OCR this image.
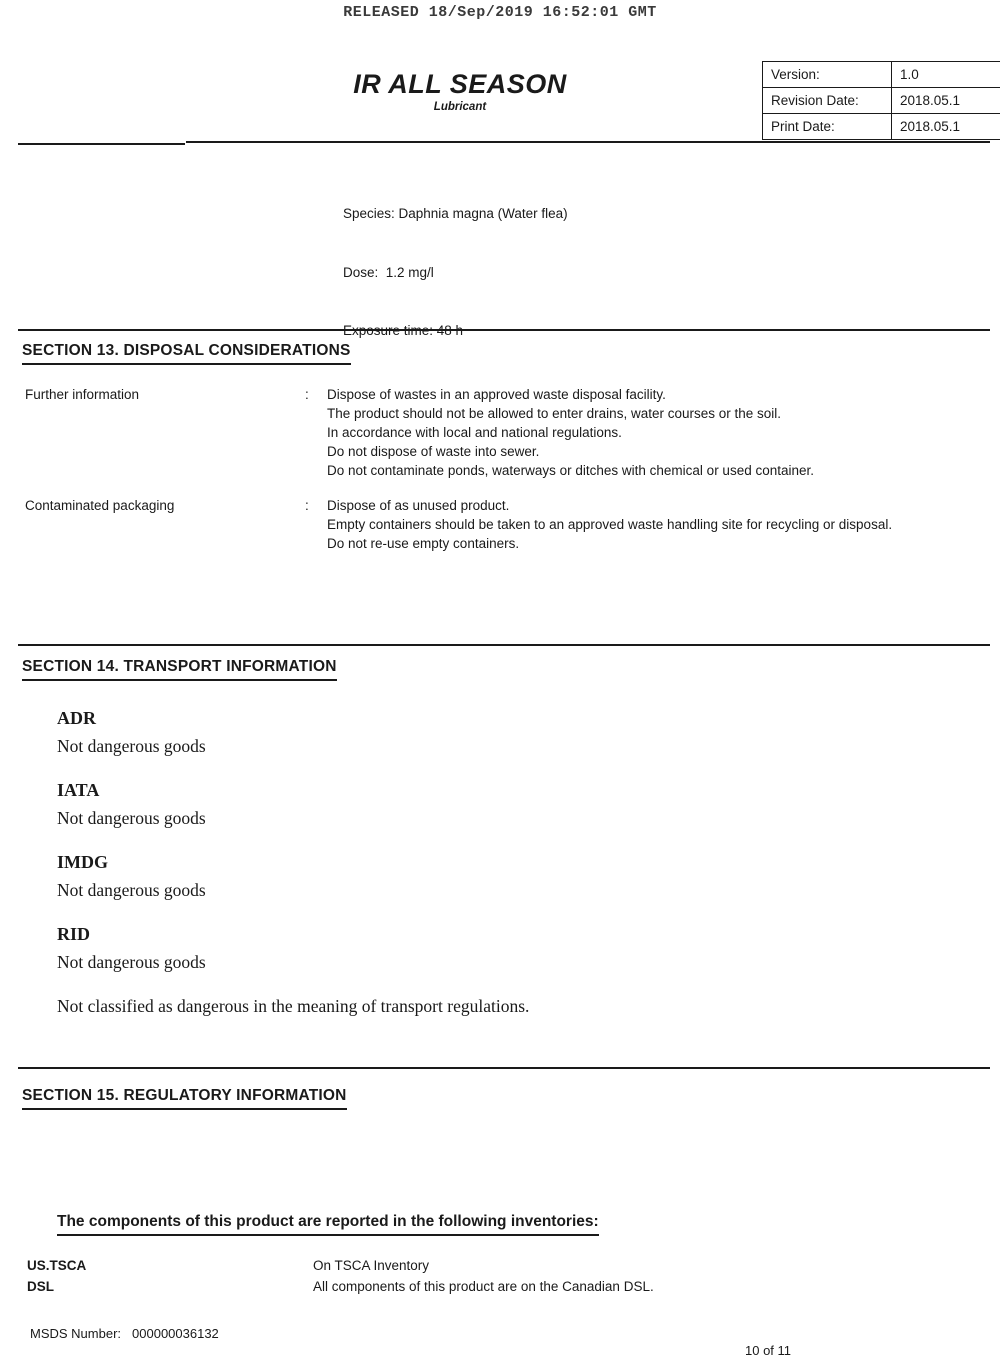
RELEASED 18/Sep/2019 16:52:01 GMT
IR ALL SEASON
Lubricant
Version:	1.0
Revision Date:	2018.05.1
Print Date:	2018.05.1

Species: Daphnia magna (Water flea)

Dose:  1.2 mg/l

SECTION 13. DISPOSAL CONSIDERATIONS
Further information	:	Dispose of wastes in an approved waste disposal facility.
The product should not be allowed to enter drains, water courses or the soil.
In accordance with local and national regulations.
Do not dispose of waste into sewer.
Do not contaminate ponds, waterways or ditches with chemical or used container.
Contaminated packaging	:	Dispose of as unused product.
Empty containers should be taken to an approved waste handling site for recycling or disposal.
Do not re-use empty containers.
SECTION 14. TRANSPORT INFORMATION
ADR
Not dangerous goods
IATA
Not dangerous goods
IMDG
Not dangerous goods
RID
Not dangerous goods
Not classified as dangerous in the meaning of transport regulations.
SECTION 15. REGULATORY INFORMATION
The components of this product are reported in the following inventories:
US.TSCA	On TSCA Inventory
DSL	All components of this product are on the Canadian DSL.
MSDS Number: 000000036132
10 of 11
